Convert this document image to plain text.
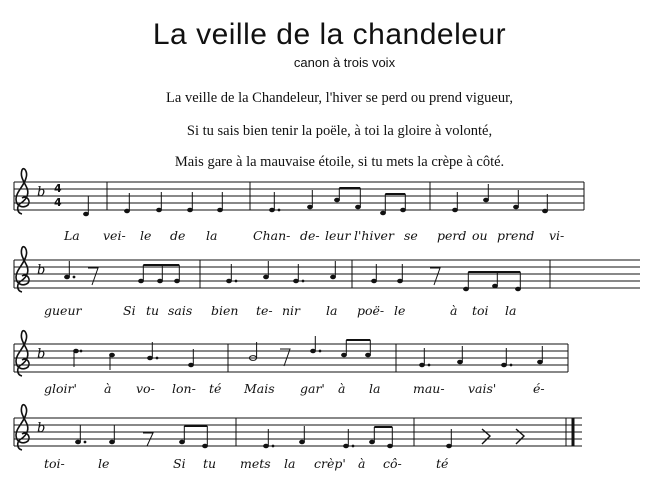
La veille de la chandeleur
canon à trois voix
La veille de la Chandeleur, l'hiver se perd ou prend vigueur,
Si tu sais bien tenir la poële, à toi la gloire à volonté,
Mais gare à la mauvaise étoile, si tu mets la crèpe à côté.
b 4
4
b
b
b
La vei- le de la	Chan- de- leur l'hiver se perd ou prend vi-
gueur	Si tu sais bien te- nir la poë- le	à toi la
gloir' à vo- lon- té Mais gar' à la	mau- vais'	é-
toi-	le	Si tu mets la crèp' à cô-	té
